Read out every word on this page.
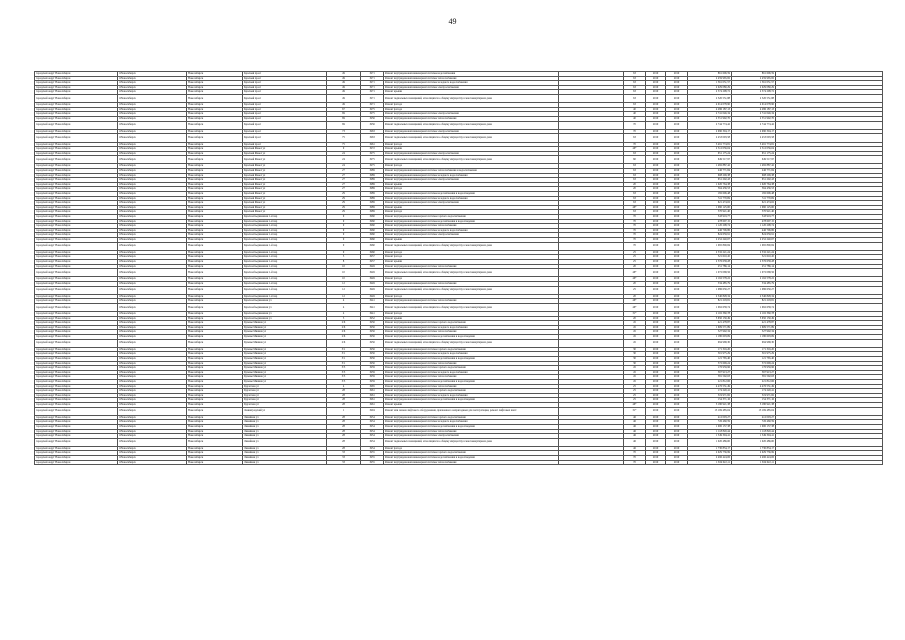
49
городской округ Новосибирск	г.Новосибирск	Новосибирск	Красный пр-кт	49	1971	Ремонт внутридомовой инженерной системы водоснабжения		63	2019	2019	861 606,59	861 606,59	
городской округ Новосибирск	г.Новосибирск	Новосибирск	Красный пр-кт	49	1971	Ремонт внутридомовой инженерной системы теплоснабжения		63	2019	2019	2 459 965,82	2 459 965,82	
городской округ Новосибирск	г.Новосибирск	Новосибирск	Красный пр-кт	49	1971	Ремонт внутридомовой инженерной системы холодного водоснабжения		63	2019	2019	1 361 051,57	1 361 051,57	
городской округ Новосибирск	г.Новосибирск	Новосибирск	Красный пр-кт	49	1971	Ремонт внутридомовой инженерной системы электроснабжения		63	2019	2019	2 029 080,29	2 029 080,29	
городской округ Новосибирск	г.Новосибирск	Новосибирск	Красный пр-кт	49	1971	Ремонт крыши		63	2019	2019	2 574 298,72	2 574 298,72	
городской округ Новосибирск	г.Новосибирск	Новосибирск	Красный пр-кт	49	1971	Ремонт подвальных помещений, относящихся к общему имуществу в многоквартирном доме		63	2019	2019	2 320 551,88	2 320 551,88	
городской округ Новосибирск	г.Новосибирск	Новосибирск	Красный пр-кт	49	1971	Ремонт фасада		63	2019	2019	4 014 078,90	4 014 078,90	
городской округ Новосибирск	г.Новосибирск	Новосибирск	Красный пр-кт	67	1975	Ремонт фасада		40	2019	2019	4 286 187,13	4 286 187,13	
городской округ Новосибирск	г.Новосибирск	Новосибирск	Красный пр-кт	69	1975	Ремонт внутридомовой инженерной системы электроснабжения		40	2019	2019	2 741 046,34	2 741 046,34	
городской округ Новосибирск	г.Новосибирск	Новосибирск	Красный пр-кт	69	1956	Ремонт внутридомовой инженерной системы теплоснабжения		40	2019	2019	2 551 992,70	2 551 992,70	
городской округ Новосибирск	г.Новосибирск	Новосибирск	Красный пр-кт	69	1956	Ремонт подвальных помещений, относящихся к общему имуществу в многоквартирном доме		70	2019	2019	2 744 774,42	2 744 774,42	
городской округ Новосибирск	г.Новосибирск	Новосибирск	Красный пр-кт	73	1963	Ремонт внутридомовой инженерной системы электроснабжения		70	2019	2019	2 090 304,17	2 090 304,17	
городской округ Новосибирск	г.Новосибирск	Новосибирск	Красный пр-кт	75	1963	Ремонт подвальных помещений, относящихся к общему имуществу в многоквартирном доме		63	2019	2019	2 453 093,58	2 453 093,58	
городской округ Новосибирск	г.Новосибирск	Новосибирск	Красный пр-кт	75	1961	Ремонт фасада		70	2019	2019	5 491 774,81	5 491 774,81	
городской округ Новосибирск	г.Новосибирск	Новосибирск	Красный Факел ул	9	1972	Ремонт крыши		46*	2019	2019	2 512 056,04	2 512 056,04	
городской округ Новосибирск	г.Новосибирск	Новосибирск	Красный Факел ул	24	1975	Ремонт внутридомовой инженерной системы электроснабжения		63	2019	2019	651 175,24	651 175,24	
городской округ Новосибирск	г.Новосибирск	Новосибирск	Красный Факел ул	24	1975	Ремонт подвальных помещений, относящихся к общему имуществу в многоквартирном доме		60	2019	2019	649 517,97	649 517,97	
городской округ Новосибирск	г.Новосибирск	Новосибирск	Красный Факел ул	24	1975	Ремонт фасада		63	2019	2019	1 482 887,42	1 482 887,42	
городской округ Новосибирск	г.Новосибирск	Новосибирск	Красный Факел ул	27	1989	Ремонт внутридомовой инженерной системы теплоснабжения и водоснабжения		63	2019	2019	246 771,84	246 771,84	
городской округ Новосибирск	г.Новосибирск	Новосибирск	Красный Факел ул	27	1989	Ремонт внутридомовой инженерной системы холодного водоснабжения		63	2019	2019	608 209,38	608 209,38	
городской округ Новосибирск	г.Новосибирск	Новосибирск	Красный Факел ул	27	1989	Ремонт внутридомовой инженерной системы электроснабжения		63	2019	2019	651 202,43	651 202,43	
городской округ Новосибирск	г.Новосибирск	Новосибирск	Красный Факел ул	27	1989	Ремонт крыши		20	2019	2019	1 020 764,38	1 020 764,38	
городской округ Новосибирск	г.Новосибирск	Новосибирск	Красный Факел ул	27	1989	Ремонт фасада		20	2019	2019	364 436,53	364 436,53	
городской округ Новосибирск	г.Новосибирск	Новосибирск	Красный Факел ул	29	1989	Ремонт внутридомовой инженерной системы водоснабжения и водоотведения		63	2019	2019	182 606,48	182 606,48	
городской округ Новосибирск	г.Новосибирск	Новосибирск	Красный Факел ул	29	1989	Ремонт внутридомовой инженерной системы холодного водоснабжения		63	2019	2019	311 770,69	311 770,69	
городской округ Новосибирск	г.Новосибирск	Новосибирск	Красный Факел ул	29	1989	Ремонт внутридомовой инженерной системы электроснабжения		63	2019	2019	621 474,02	621 474,02	
городской округ Новосибирск	г.Новосибирск	Новосибирск	Красный Факел ул	29	1989	Ремонт крыши		46*	2019	2019	1 060 125,60	1 060 125,60	
городской округ Новосибирск	г.Новосибирск	Новосибирск	Красный Факел ул	29	1989	Ремонт фасада		63	2019	2019	570 921,40	570 921,40	
городской округ Новосибирск	г.Новосибирск	Новосибирск	Краснообъединенная 1-й пер	9	1960	Ремонт внутридомовой инженерной системы горячего водоснабжения		70	2019	2019	343 919,77	343 919,77	
городской округ Новосибирск	г.Новосибирск	Новосибирск	Краснообъединенная 1-й пер	9	1960	Ремонт внутридомовой инженерной системы водоснабжения и водоотведения		70	2019	2019	478 607,15	478 607,15	
городской округ Новосибирск	г.Новосибирск	Новосибирск	Краснообъединенная 1-й пер	9	1960	Ремонт внутридомовой инженерной системы теплоснабжения		70	2019	2019	1 120 208,74	1 120 208,74	
городской округ Новосибирск	г.Новосибирск	Новосибирск	Краснообъединенная 1-й пер	9	1960	Ремонт внутридомовой инженерной системы холодного водоснабжения		70	2019	2019	446 706,86	446 706,86	
городской округ Новосибирск	г.Новосибирск	Новосибирск	Краснообъединенная 1-й пер	9	1960	Ремонт внутридомовой инженерной системы электроснабжения		70	2019	2019	824 659,91	824 659,91	
городской округ Новосибирск	г.Новосибирск	Новосибирск	Краснообъединенная 1-й пер	9	1960	Ремонт крыши		70	2019	2019	2 252 240,67	2 252 240,67	
городской округ Новосибирск	г.Новосибирск	Новосибирск	Краснообъединенная 1-й пер	9	1960	Ремонт подвальных помещений, относящихся к общему имуществу в многоквартирном доме		70	2019	2019	1 065 800,84	1 065 800,84	
городской округ Новосибирск	г.Новосибирск	Новосибирск	Краснообъединенная 1-й пер	9	1960	Ремонт фасада		25	2019	2019	2 532 221,24	2 532 221,24	
городской округ Новосибирск	г.Новосибирск	Новосибирск	Краснообъединенная 1-й пер	5	1957	Ремонт фасада		25	2019	2019	321 610,45	321 610,45	
городской округ Новосибирск	г.Новосибирск	Новосибирск	Краснообъединенная 1-й пер	8	1957	Ремонт крыши		25	2019	2019	2 376 658,28	2 376 658,28	
городской округ Новосибирск	г.Новосибирск	Новосибирск	Краснообъединенная 1-й пер	10	1949	Ремонт внутридомовой инженерной системы теплоснабжения		20	2019	2019	251 786,14	251 786,14	
городской округ Новосибирск	г.Новосибирск	Новосибирск	Краснообъединенная 1-й пер	10	1949	Ремонт подвальных помещений, относящихся к общему имуществу в многоквартирном доме		46*	2019	2019	1 072 068,56	1 072 068,56	
городской округ Новосибирск	г.Новосибирск	Новосибирск	Краснообъединенная 1-й пер	10	1949	Ремонт фасада		46*	2019	2019	2 162 578,22	2 162 578,22	
городской округ Новосибирск	г.Новосибирск	Новосибирск	Краснообъединенная 1-й пер	12	1949	Ремонт внутридомовой инженерной системы теплоснабжения		20	2019	2019	534 485,79	534 485,79	
городской округ Новосибирск	г.Новосибирск	Новосибирск	Краснообъединенная 1-й пер	12	1949	Ремонт подвальных помещений, относящихся к общему имуществу в многоквартирном доме		25	2019	2019	1 086 630,27	1 086 630,27	
городской округ Новосибирск	г.Новосибирск	Новосибирск	Краснообъединенная 1-й пер	12	1949	Ремонт фасада		20	2019	2019	2 340 828,34	2 340 828,34	
городской округ Новосибирск	г.Новосибирск	Новосибирск	Краснообъединенная ул	4	1941	Ремонт внутридомовой инженерной системы теплоснабжения		46*	2019	2019	821 218,81	821 218,81	
городской округ Новосибирск	г.Новосибирск	Новосибирск	Краснообъединенная ул	4	1941	Ремонт подвальных помещений, относящихся к общему имуществу в многоквартирном доме		46*	2019	2019	1 062 658,74	1 062 658,74	
городской округ Новосибирск	г.Новосибирск	Новосибирск	Краснообъединенная ул	4	1941	Ремонт фасада		31*	2019	2019	2 102 360,78	2 102 360,78	
городской округ Новосибирск	г.Новосибирск	Новосибирск	Краснообъединенная ул	5	1952	Ремонт крыши		20	2019	2019	3 650 130,49	3 650 130,49	
городской округ Новосибирск	г.Новосибирск	Новосибирск	Кузьмы Минина ул	2/6	1956	Ремонт внутридомовой инженерной системы горячего водоснабжения		45	2019	2019	421 478,87	421 478,87	
городской округ Новосибирск	г.Новосибирск	Новосибирск	Кузьмы Минина ул	2/6	1956	Ремонт внутридомовой инженерной системы холодного водоснабжения		45	2019	2019	1 609 571,89	1 609 571,89	
городской округ Новосибирск	г.Новосибирск	Новосибирск	Кузьмы Минина ул	2/6	1956	Ремонт внутридомовой инженерной системы теплоснабжения		45	2019	2019	527 992,34	527 992,34	
городской округ Новосибирск	г.Новосибирск	Новосибирск	Кузьмы Минина ул	2/6	1956	Ремонт внутридомовой инженерной системы водоснабжения и водоотведения		45	2019	2019	1 180 603,69	1 180 603,69	
городской округ Новосибирск	г.Новосибирск	Новосибирск	Кузьмы Минина ул	2/6	1956	Ремонт подвальных помещений, относящихся к общему имуществу в многоквартирном доме		45	2019	2019	994 968,30	994 968,30	
городской округ Новосибирск	г.Новосибирск	Новосибирск	Кузьмы Минина ул	3/1	1956	Ремонт внутридомовой инженерной системы горячего водоснабжения		30	2019	2019	171 316,20	171 316,20	
городской округ Новосибирск	г.Новосибирск	Новосибирск	Кузьмы Минина ул	3/1	1956	Ремонт внутридомовой инженерной системы холодного водоснабжения		30	2019	2019	301 975,29	301 975,29	
городской округ Новосибирск	г.Новосибирск	Новосибирск	Кузьмы Минина ул	3/1	1956	Ремонт внутридомовой инженерной системы водоснабжения и водоотведения		30	2019	2019	121 765,40	121 765,40	
городской округ Новосибирск	г.Новосибирск	Новосибирск	Кузьмы Минина ул	3/1	1956	Ремонт внутридомовой инженерной системы теплоснабжения		30	2019	2019	572 699,24	572 699,24	
городской округ Новосибирск	г.Новосибирск	Новосибирск	Кузьмы Минина ул	3/3	1959	Ремонт внутридомовой инженерной системы горячего водоснабжения		45	2019	2019	176 959,96	176 959,96	
городской округ Новосибирск	г.Новосибирск	Новосибирск	Кузьмы Минина ул	3/3	1959	Ремонт внутридомовой инженерной системы холодного водоснабжения		45	2019	2019	367 913,27	367 913,27	
городской округ Новосибирск	г.Новосибирск	Новосибирск	Кузьмы Минина ул	3/3	1959	Ремонт внутридомовой инженерной системы теплоснабжения		45	2019	2019	581 592,63	581 592,63	
городской округ Новосибирск	г.Новосибирск	Новосибирск	Кузьмы Минина ул	3/3	1959	Ремонт внутридомовой инженерной системы водоснабжения и водоотведения		45	2019	2019	221 812,66	221 812,66	
городской округ Новосибирск	г.Новосибирск	Новосибирск	Курчатова ул	4	1965	Ремонт внутридомовой инженерной системы теплоснабжения		25	2019	2019	4 476 531,49	4 476 531,49	
городской округ Новосибирск	г.Новосибирск	Новосибирск	Курчатова ул	28	1961	Ремонт внутридомовой инженерной системы горячего водоснабжения		25	2019	2019	174 220,41	174 220,41	
городской округ Новосибирск	г.Новосибирск	Новосибирск	Курчатова ул	28	1961	Ремонт внутридомовой инженерной системы холодного водоснабжения		25	2019	2019	319 971,82	319 971,82	
городской округ Новосибирск	г.Новосибирск	Новосибирск	Курчатова ул	28	1961	Ремонт внутридомовой инженерной системы водоснабжения и водоотведения		25	2019	2019	154 371,16	154 371,16	
городской округ Новосибирск	г.Новосибирск	Новосибирск	Курчатова ул	28	1961	Ремонт крыши		46*	2019	2019	3 180 921,38	3 180 921,38	
городской округ Новосибирск	г.Новосибирск	Новосибирск	Ленинградский ул	1	1994	Ремонт или замена лифтового оборудования, признанного непригодным для эксплуатации, ремонт лифтовых шахт		31*	2019	2019	13 169 485,04	13 169 485,04	
городской округ Новосибирск	г.Новосибирск	Новосибирск	Линейная ул	28	1954	Ремонт внутридомовой инженерной системы горячего водоснабжения		46	2019	2019	412 003,27	412 003,27	
городской округ Новосибирск	г.Новосибирск	Новосибирск	Линейная ул	28	1954	Ремонт внутридомовой инженерной системы холодного водоснабжения		46	2019	2019	726 460,59	726 460,59	
городской округ Новосибирск	г.Новосибирск	Новосибирск	Линейная ул	28	1954	Ремонт внутридомовой инженерной системы водоснабжения и водоотведения		46	2019	2019	1 000 157,38	1 000 157,38	
городской округ Новосибирск	г.Новосибирск	Новосибирск	Линейная ул	28	1954	Ремонт внутридомовой инженерной системы теплоснабжения		46	2019	2019	1 118 820,44	1 118 820,44	
городской округ Новосибирск	г.Новосибирск	Новосибирск	Линейная ул	28	1954	Ремонт внутридомовой инженерной системы электроснабжения		46	2019	2019	1 549 304,41	1 549 304,41	
городской округ Новосибирск	г.Новосибирск	Новосибирск	Линейная ул	28	1954	Ремонт подвальных помещений, относящихся к общему имуществу в многоквартирном доме		46	2019	2019	1 020 486,60	1 020 486,60	
городской округ Новосибирск	г.Новосибирск	Новосибирск	Линейная ул	28	1954	Ремонт фасада		46	2019	2019	1 730 834,17	1 730 834,17	
городской округ Новосибирск	г.Новосибирск	Новосибирск	Линейная ул	33	1955	Ремонт внутридомовой инженерной системы горячего водоснабжения		70	2019	2019	2 029 736,99	2 029 736,99	
городской округ Новосибирск	г.Новосибирск	Новосибирск	Линейная ул	33	1955	Ремонт внутридомовой инженерной системы водоснабжения и водоотведения		70	2019	2019	2 496 424,06	2 496 424,06	
городской округ Новосибирск	г.Новосибирск	Новосибирск	Линейная ул	33	1955	Ремонт внутридомовой инженерной системы теплоснабжения		70	2019	2019	1 634 022,11	1 634 022,11	
